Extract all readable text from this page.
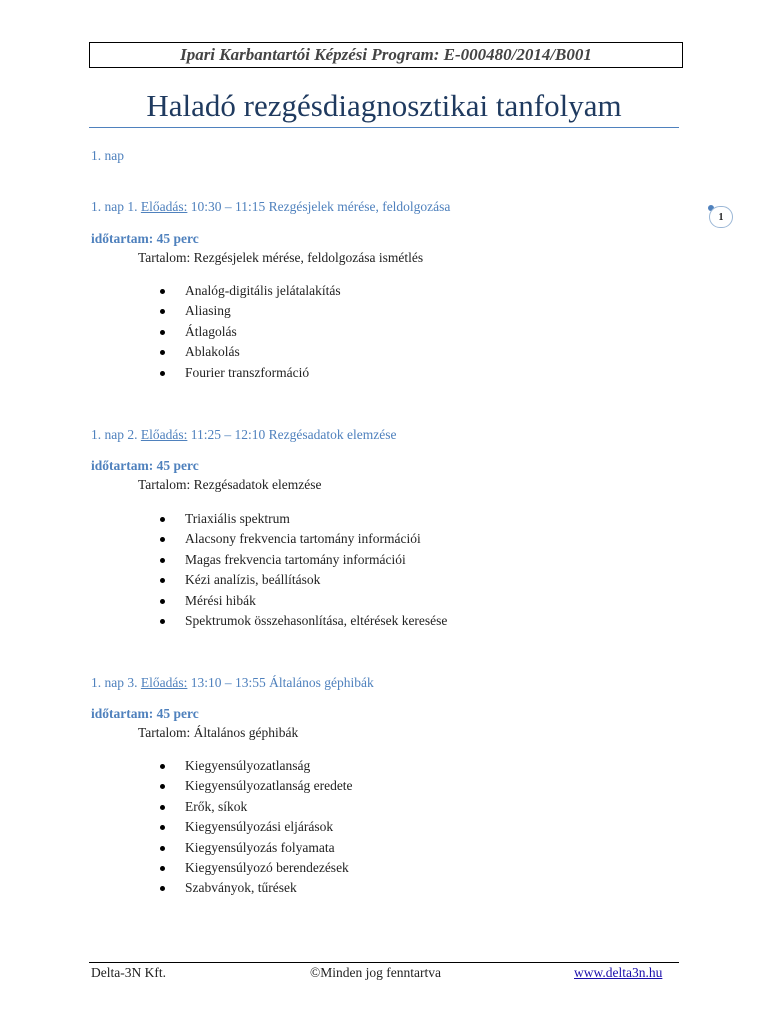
Ipari Karbantartói Képzési Program: E-000480/2014/B001
Haladó rezgésdiagnosztikai tanfolyam
1. nap
1
1. nap 1. Előadás: 10:30 – 11:15 Rezgésjelek mérése, feldolgozása
időtartam: 45 perc
Tartalom: Rezgésjelek mérése, feldolgozása ismétlés
Analóg-digitális jelátalakítás
Aliasing
Átlagolás
Ablakolás
Fourier transzformáció
1. nap 2. Előadás: 11:25 – 12:10 Rezgésadatok elemzése
időtartam: 45 perc
Tartalom: Rezgésadatok elemzése
Triaxiális spektrum
Alacsony frekvencia tartomány információi
Magas frekvencia tartomány információi
Kézi analízis, beállítások
Mérési hibák
Spektrumok összehasonlítása, eltérések keresése
1. nap 3. Előadás: 13:10 – 13:55 Általános géphibák
időtartam: 45 perc
Tartalom: Általános géphibák
Kiegyensúlyozatlanság
Kiegyensúlyozatlanság eredete
Erők, síkok
Kiegyensúlyozási eljárások
Kiegyensúlyozás folyamata
Kiegyensúlyozó berendezések
Szabványok, tűrések
Delta-3N Kft.	©Minden jog fenntartva	www.delta3n.hu
